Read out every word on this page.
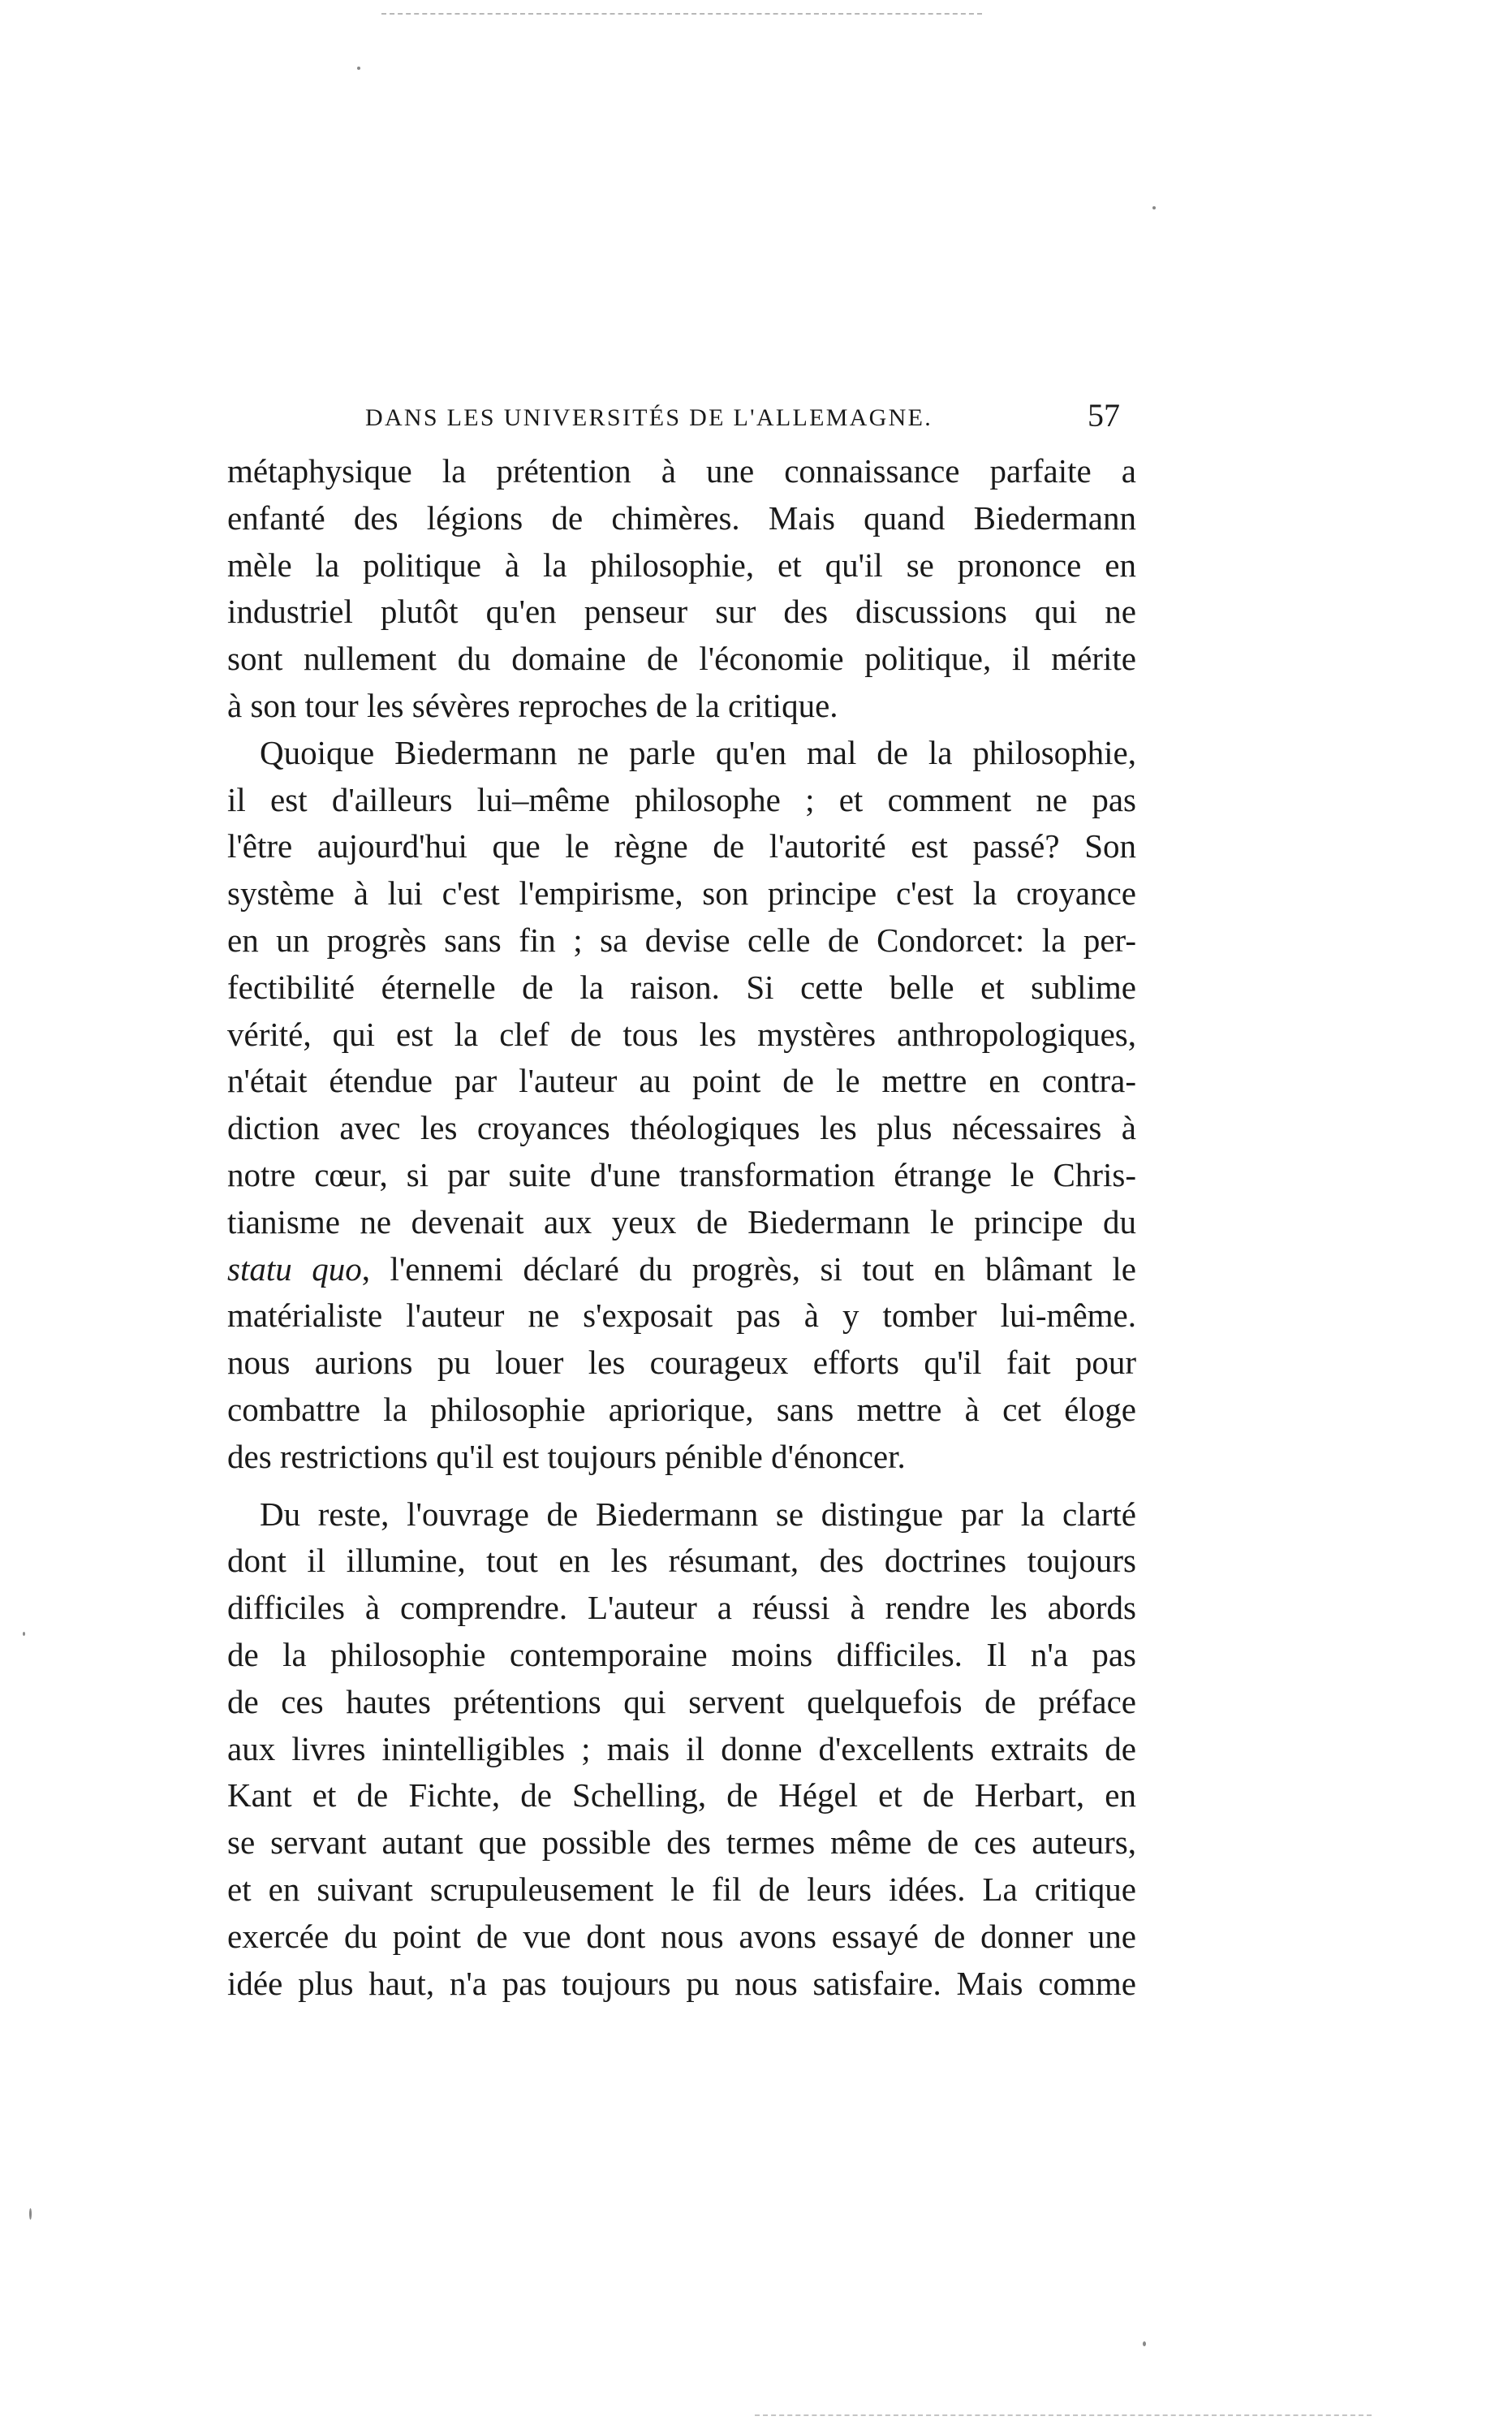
DANS LES UNIVERSITÉS DE L'ALLEMAGNE.	57
métaphysique la prétention à une connaissance parfaite a
enfanté des légions de chimères. Mais quand Biedermann
mèle la politique à la philosophie, et qu'il se prononce en
industriel plutôt qu'en penseur sur des discussions qui ne
sont nullement du domaine de l'économie politique, il mérite
à son tour les sévères reproches de la critique.
Quoique Biedermann ne parle qu'en mal de la philosophie,
il est d'ailleurs lui–même philosophe ; et comment ne pas
l'être aujourd'hui que le règne de l'autorité est passé? Son
système à lui c'est l'empirisme, son principe c'est la croyance
en un progrès sans fin ; sa devise celle de Condorcet: la per-
fectibilité éternelle de la raison. Si cette belle et sublime
vérité, qui est la clef de tous les mystères anthropologiques,
n'était étendue par l'auteur au point de le mettre en contra-
diction avec les croyances théologiques les plus nécessaires à
notre cœur, si par suite d'une transformation étrange le Chris-
tianisme ne devenait aux yeux de Biedermann le principe du
statu quo, l'ennemi déclaré du progrès, si tout en blâmant le
matérialiste l'auteur ne s'exposait pas à y tomber lui-même.
nous aurions pu louer les courageux efforts qu'il fait pour
combattre la philosophie apriorique, sans mettre à cet éloge
des restrictions qu'il est toujours pénible d'énoncer.
Du reste, l'ouvrage de Biedermann se distingue par la clarté
dont il illumine, tout en les résumant, des doctrines toujours
difficiles à comprendre. L'auteur a réussi à rendre les abords
de la philosophie contemporaine moins difficiles. Il n'a pas
de ces hautes prétentions qui servent quelquefois de préface
aux livres inintelligibles ; mais il donne d'excellents extraits de
Kant et de Fichte, de Schelling, de Hégel et de Herbart, en
se servant autant que possible des termes même de ces auteurs,
et en suivant scrupuleusement le fil de leurs idées. La critique
exercée du point de vue dont nous avons essayé de donner une
idée plus haut, n'a pas toujours pu nous satisfaire. Mais comme
